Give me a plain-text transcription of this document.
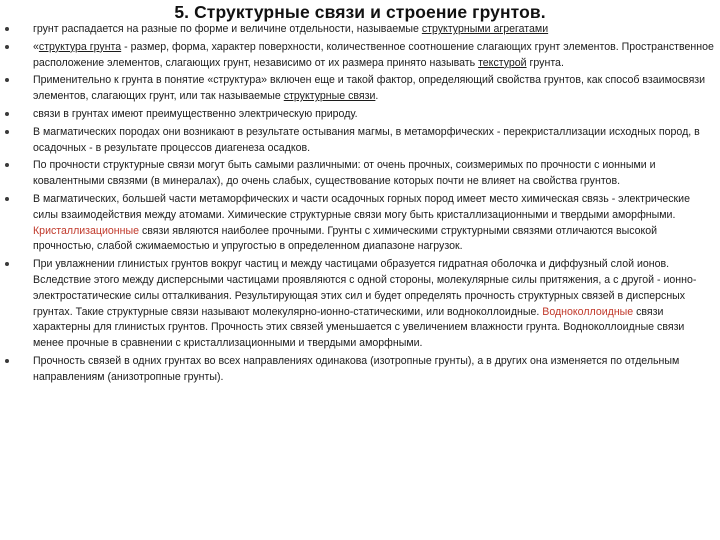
5. Структурные связи и строение грунтов.
грунт распадается на разные по форме и величине отдельности, называемые структурными агрегатами
«структура грунта - размер, форма, характер поверхности, количественное соотношение слагающих грунт элементов. Пространственное расположение элементов, слагающих грунт, независимо от их размера принято называть текстурой грунта.
Применительно к грунта в понятие «структура» включен еще и такой фактор, определяющий свойства грунтов, как способ взаимосвязи элементов, слагающих грунт, или так называемые структурные связи.
связи в грунтах имеют преимущественно электрическую природу.
В магматических породах они возникают в результате остывания магмы, в метаморфических - перекристаллизации исходных пород, в осадочных - в результате процессов диагенеза осадков.
По прочности структурные связи могут быть самыми различными: от очень прочных, соизмеримых по прочности с ионными и ковалентными связями (в минералах), до очень слабых, существование которых почти не влияет на свойства грунтов.
В магматических, большей части метаморфических и части осадочных горных пород имеет место химическая связь - электрические силы взаимодействия между атомами. Химические структурные связи могу быть кристаллизационными и твердыми аморфными. Кристаллизационные связи являются наиболее прочными. Грунты с химическими структурными связями отличаются высокой прочностью, слабой сжимаемостью и упругостью в определенном диапазоне нагрузок.
При увлажнении глинистых грунтов вокруг частиц и между частицами образуется гидратная оболочка и диффузный слой ионов. Вследствие этого между дисперсными частицами проявляются с одной стороны, молекулярные силы притяжения, а с другой - ионно- электростатические силы отталкивания. Результирующая этих сил и будет определять прочность структурных связей в дисперсных грунтах. Такие структурные связи называют молекулярно-ионно-статическими, или водноколлоидные. Водноколлоидные связи характерны для глинистых грунтов. Прочность этих связей уменьшается с увеличением влажности грунта. Водноколлоидные связи менее прочные в сравнении с кристаллизационными и твердыми аморфными.
Прочность связей в одних грунтах во всех направлениях одинакова (изотропные грунты), а в других она изменяется по отдельным направлениям (анизотропные грунты).
